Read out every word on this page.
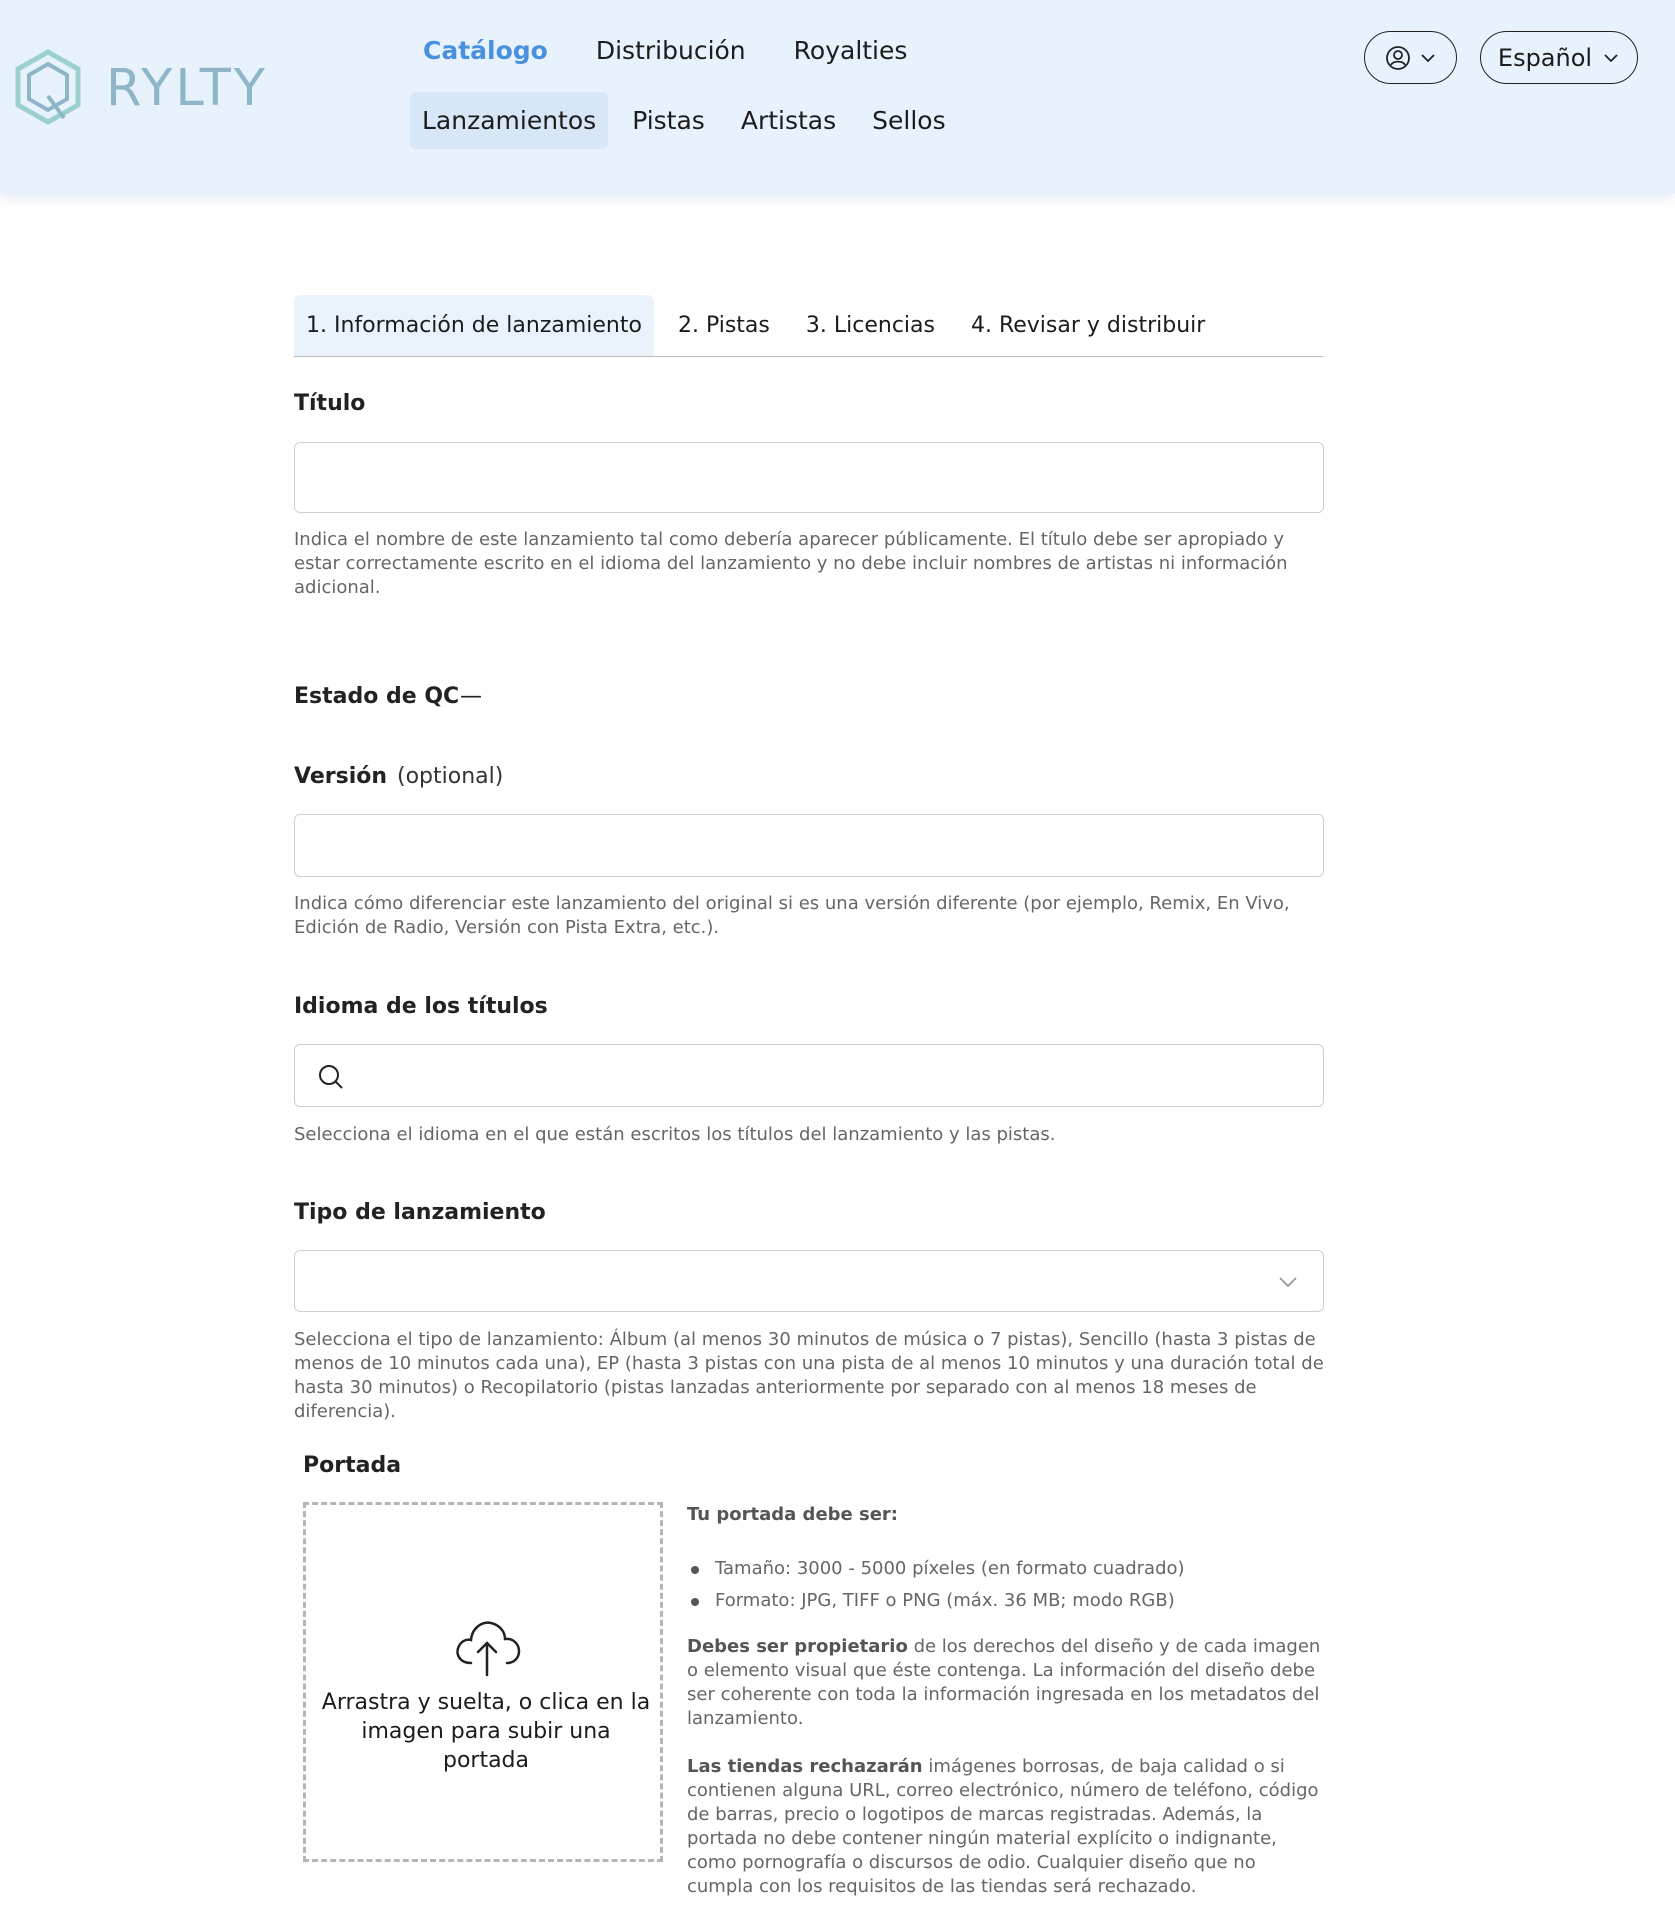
RYLTY
Catálogo Distribución Royalties
Lanzamientos	Pistas	Artistas	Sellos
Español
1. Información de lanzamiento	2. Pistas	3. Licencias	4. Revisar y distribuir
Título
Indica el nombre de este lanzamiento tal como debería aparecer públicamente. El título debe ser apropiado y estar correctamente escrito en el idioma del lanzamiento y no debe incluir nombres de artistas ni información adicional.
Estado de QC —
Versión (optional)
Indica cómo diferenciar este lanzamiento del original si es una versión diferente (por ejemplo, Remix, En Vivo, Edición de Radio, Versión con Pista Extra, etc.).
Idioma de los títulos
Selecciona el idioma en el que están escritos los títulos del lanzamiento y las pistas.
Tipo de lanzamiento
Selecciona el tipo de lanzamiento: Álbum (al menos 30 minutos de música o 7 pistas), Sencillo (hasta 3 pistas de menos de 10 minutos cada una), EP (hasta 3 pistas con una pista de al menos 10 minutos y una duración total de hasta 30 minutos) o Recopilatorio (pistas lanzadas anteriormente por separado con al menos 18 meses de diferencia).
Portada
Arrastra y suelta, o clica en la imagen para subir una portada
Tu portada debe ser:
Tamaño: 3000 - 5000 píxeles (en formato cuadrado)
Formato: JPG, TIFF o PNG (máx. 36 MB; modo RGB)

Debes ser propietario de los derechos del diseño y de cada imagen o elemento visual que éste contenga. La información del diseño debe ser coherente con toda la información ingresada en los metadatos del lanzamiento.

Las tiendas rechazarán imágenes borrosas, de baja calidad o si contienen alguna URL, correo electrónico, número de teléfono, código de barras, precio o logotipos de marcas registradas. Además, la portada no debe contener ningún material explícito o indignante, como pornografía o discursos de odio. Cualquier diseño que no cumpla con los requisitos de las tiendas será rechazado.
